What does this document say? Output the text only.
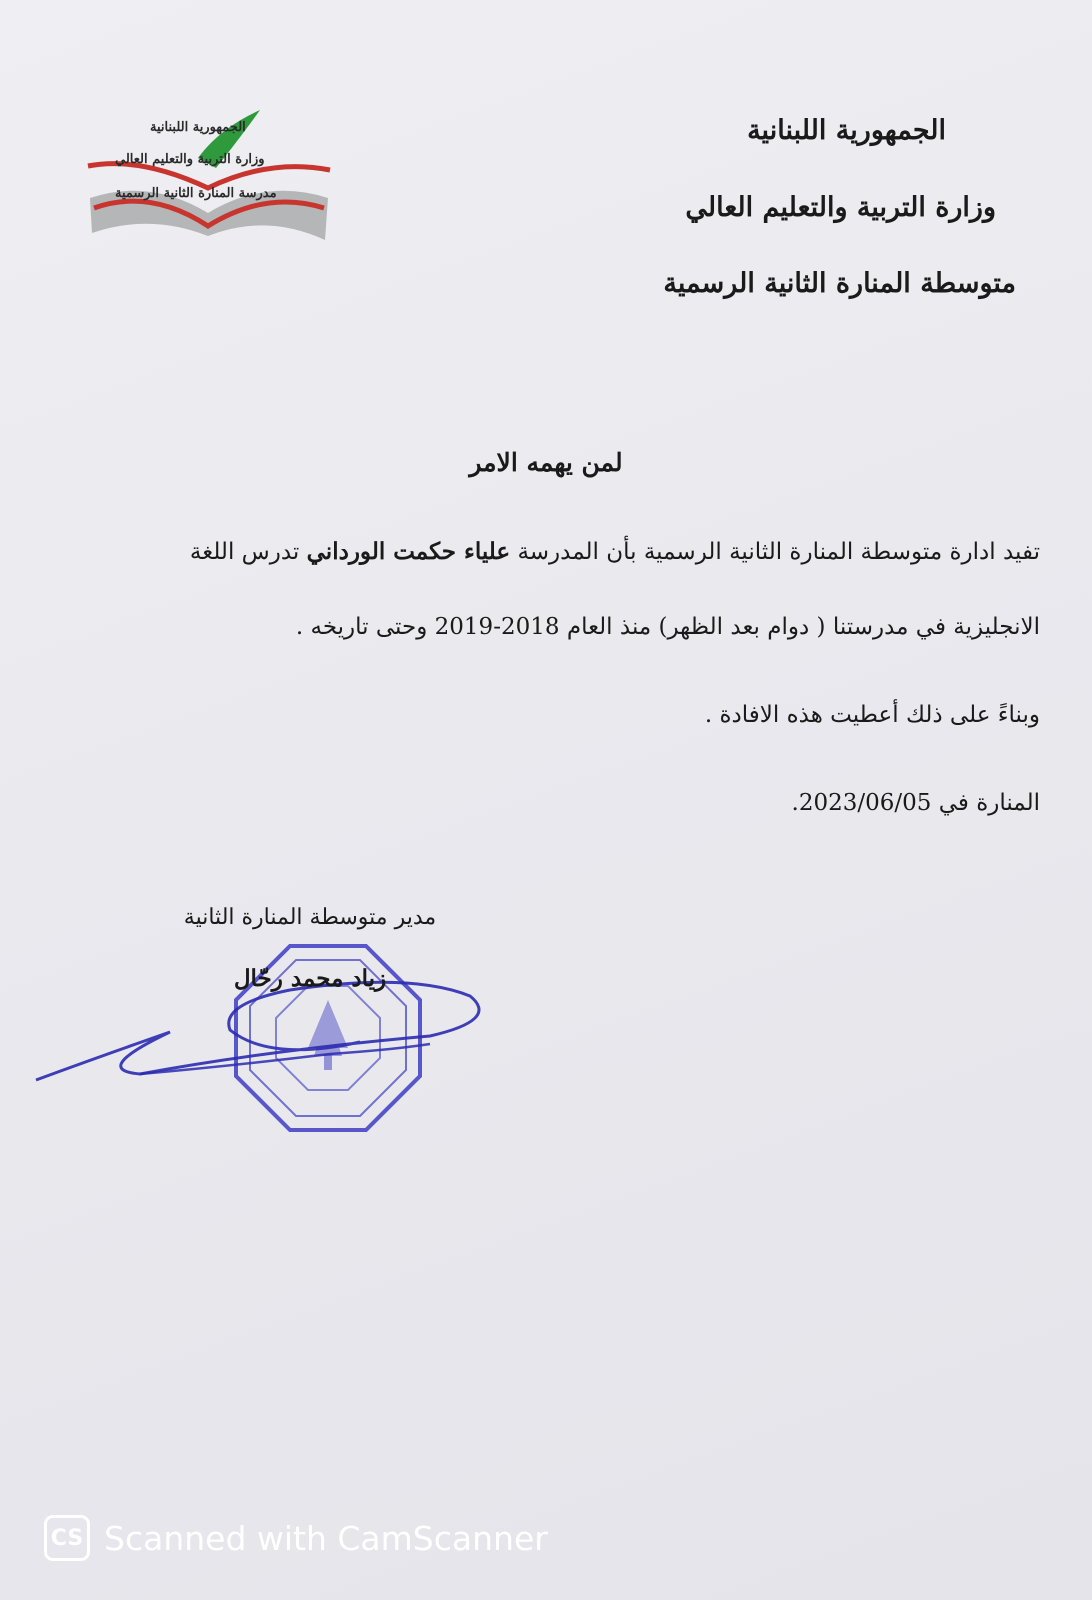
الجمهورية اللبنانية
وزارة التربية والتعليم العالي
متوسطة المنارة الثانية الرسمية
الجمهورية اللبنانية
وزارة التربية والتعليم العالي
مدرسة المنارة الثانية الرسمية
لمن يهمه الامر
تفيد ادارة متوسطة المنارة الثانية الرسمية بأن المدرسة علياء حكمت الورداني تدرس اللغة
الانجليزية في مدرستنا ( دوام بعد الظهر) منذ العام 2018-2019 وحتى تاريخه .
وبناءً على ذلك أعطيت هذه الافادة .
المنارة في 2023/06/05.
مدير متوسطة المنارة الثانية
زياد محمد رحّال
CS Scanned with CamScanner
